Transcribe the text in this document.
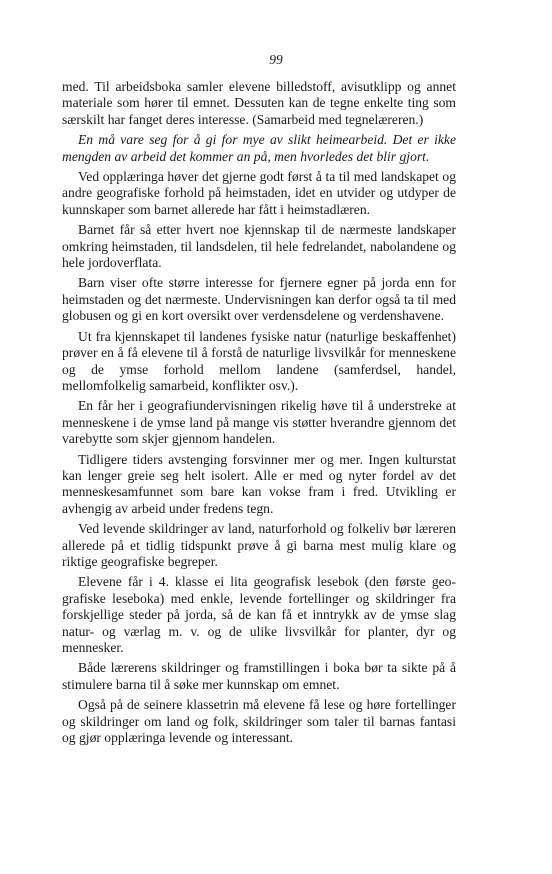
99

med. Til arbeidsboka samler elevene billedstoff, avisutklipp og annet materiale som hører til emnet. Dessuten kan de tegne enkelte ting som særskilt har fanget deres interesse. (Samarbeid med tegnelæreren.)

En må vare seg for å gi for mye av slikt heimearbeid. Det er ikke mengden av arbeid det kommer an på, men hvorledes det blir gjort.

Ved opplæringa høver det gjerne godt først å ta til med landskapet og andre geografiske forhold på heimstaden, idet en utvider og utdyper de kunnskaper som barnet allerede har fått i heimstadlæren.

Barnet får så etter hvert noe kjennskap til de nærmeste landskaper omkring heimstaden, til landsdelen, til hele fedrelandet, nabolandene og hele jordoverflata.

Barn viser ofte større interesse for fjernere egner på jorda enn for heimstaden og det nærmeste. Undervisningen kan derfor også ta til med globusen og gi en kort oversikt over verdensdelene og verdenshavene.

Ut fra kjennskapet til landenes fysiske natur (naturlige beskaffenhet) prøver en å få elevene til å forstå de naturlige livsvilkår for menneskene og de ymse forhold mellom landene (samferdsel, handel, mellomfolkelig samarbeid, konflikter osv.).

En får her i geografiundervisningen rikelig høve til å understreke at menneskene i de ymse land på mange vis støtter hverandre gjennom det varebytte som skjer gjennom handelen.

Tidligere tiders avstenging forsvinner mer og mer. Ingen kulturstat kan lenger greie seg helt isolert. Alle er med og nyter fordel av det menneskesamfunnet som bare kan vokse fram i fred. Utvikling er avhengig av arbeid under fredens tegn.

Ved levende skildringer av land, naturforhold og folkeliv bør læreren allerede på et tidlig tidspunkt prøve å gi barna mest mulig klare og riktige geografiske begreper.

Elevene får i 4. klasse ei lita geografisk lesebok (den første geografiske leseboka) med enkle, levende fortellinger og skildringer fra forskjellige steder på jorda, så de kan få et inntrykk av de ymse slag natur- og værlag m. v. og de ulike livsvilkår for planter, dyr og mennesker.

Både lærerens skildringer og framstillingen i boka bør ta sikte på å stimulere barna til å søke mer kunnskap om emnet.

Også på de seinere klassetrin må elevene få lese og høre fortellinger og skildringer om land og folk, skildringer som taler til barnas fantasi og gjør opplæringa levende og interessant.
